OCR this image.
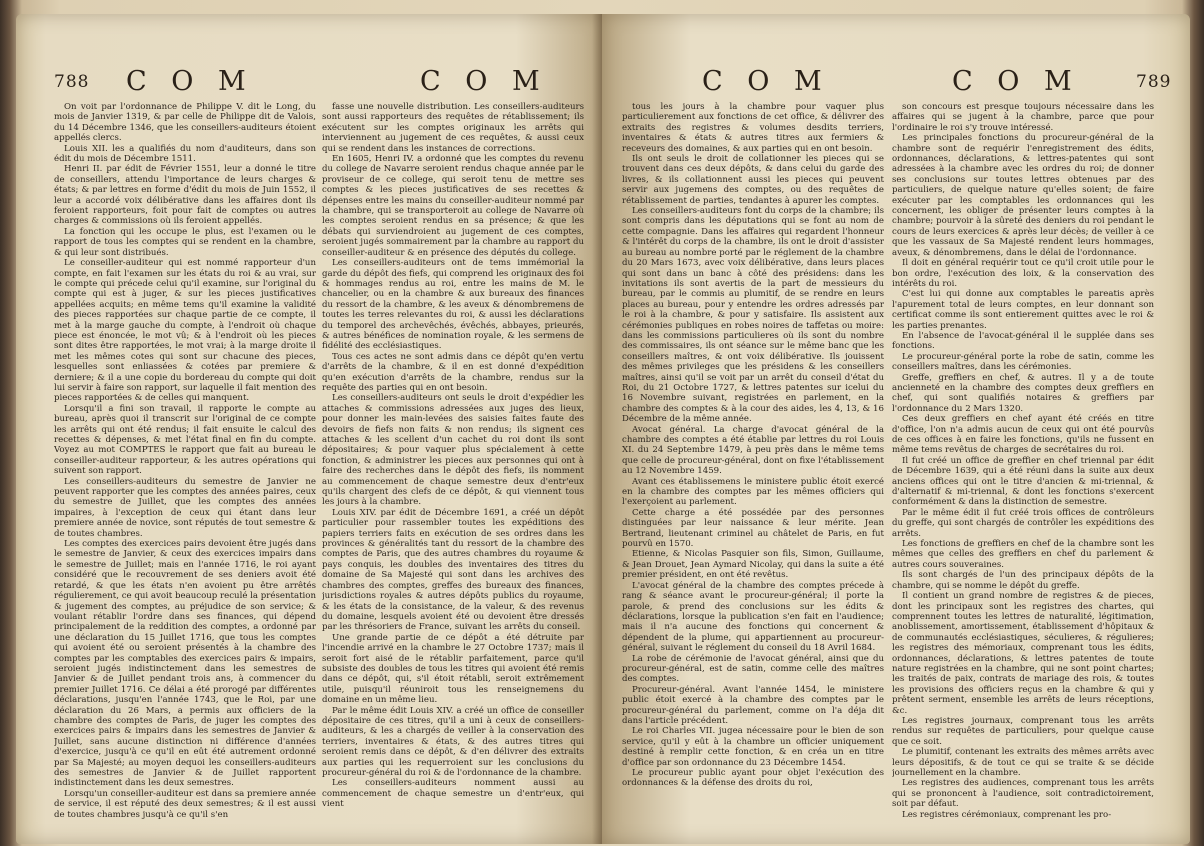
788 C O M	C O M

On voit par l'ordonnance de Philippe V. dit le Long, du mois de Janvier 1319, & par celle de Philippe dit de Valois, du 14 Décembre 1346, que les conseillers-auditeurs étoient appellés clercs.

Louis XII. les a qualifiés du nom d'auditeurs, dans son édit du mois de Décembre 1511.

Henri II. par édit de Février 1551, leur a donné le titre de conseillers, attendu l'importance de leurs charges & états; & par lettres en forme d'édit du mois de Juin 1552, il leur a accordé voix délibérative dans les affaires dont ils feroient rapporteurs, foit pour fait de comptes ou autres charges & commissions où ils feroient appellés.

La fonction qui les occupe le plus, est l'examen ou le rapport de tous les comptes qui se rendent en la chambre, & qui leur sont distribués.

Le conseiller-auditeur qui est nommé rapporteur d'un compte, en fait l'examen sur les états du roi & au vrai, sur le compte qui précede celui qu'il examine, sur l'original du compte qui est à juger, & sur les pieces justificatives appellées acquits; en même tems qu'il examine la validité des pieces rapportées sur chaque partie de ce compte, il met à la marge gauche du compte, à l'endroit où chaque piece est énoncée, le mot vû; & à l'endroit où les pieces sont dites être rapportées, le mot vrai; à la marge droite il met les mêmes cotes qui sont sur chacune des pieces, lesquelles sont enliassées & cotées par premiere & derniere; & il a une copie du bordereau du compte qui doit lui servir à faire son rapport, sur laquelle il fait mention des pieces rapportées & de celles qui manquent.

Lorsqu'il a fini son travail, il rapporte le compte au bureau, après quoi il transcrit sur l'original de ce compte les arrêts qui ont été rendus; il fait ensuite le calcul des recettes & dépenses, & met l'état final en fin du compte. Voyez au mot COMPTES le rapport que fait au bureau le conseiller-auditeur rapporteur, & les autres opérations qui suivent son rapport.

Les conseillers-auditeurs du semestre de Janvier ne peuvent rapporter que les comptes des années paires, ceux du semestre de Juillet, que les comptes des années impaires, à l'exception de ceux qui étant dans leur premiere année de novice, sont réputés de tout semestre & de toutes chambres.

Les comptes des exercices pairs devoient être jugés dans le semestre de Janvier, & ceux des exercices impairs dans le semestre de Juillet; mais en l'année 1716, le roi ayant considéré que le recouvrement de ses deniers avoit été retardé, & que les états n'en avoient pu être arrêtés régulierement, ce qui avoit beaucoup reculé la présentation & jugement des comptes, au préjudice de son service; & voulant rétablir l'ordre dans ses finances, qui dépend principalement de la reddition des comptes, a ordonné par une déclaration du 15 Juillet 1716, que tous les comptes qui avoient été ou seroient présentés à la chambre des comptes par les comptables des exercices pairs & impairs, seroient jugés indistinctement dans les semestres de Janvier & de Juillet pendant trois ans, à commencer du premier Juillet 1716. Ce délai a été prorogé par différentes déclarations, jusqu'en l'année 1743, que le Roi, par une déclaration du 26 Mars, a permis aux officiers de la chambre des comptes de Paris, de juger les comptes des exercices pairs & impairs dans les semestres de Janvier & Juillet, sans aucune distinction ni différence d'années d'exercice, jusqu'à ce qu'il en eût été autrement ordonné par Sa Majesté; au moyen dequoi les conseillers-auditeurs des semestres de Janvier & de Juillet rapportent indistinctement dans les deux semestres.

Lorsqu'un conseiller-auditeur est dans sa premiere année de service, il est réputé des deux semestres; & il est aussi de toutes chambres jusqu'à ce qu'il s'en

fasse une nouvelle distribution. Les conseillers-auditeurs sont aussi rapporteurs des requêtes de rétablissement; ils exécutent sur les comptes originaux les arrêts qui interviennent au jugement de ces requêtes, & aussi ceux qui se rendent dans les instances de corrections.

En 1605, Henri IV. a ordonné que les comptes du revenu du college de Navarre seroient rendus chaque année par le proviseur de ce college, qui seroit tenu de mettre ses comptes & les pieces justificatives de ses recettes & dépenses entre les mains du conseiller-auditeur nommé par la chambre, qui se transporteroit au college de Navarre où les comptes seroient rendus en sa présence; & que les débats qui surviendroient au jugement de ces comptes, seroient jugés sommairement par la chambre au rapport du conseiller-auditeur & en présence des députés du college.

Les conseillers-auditeurs ont de tems immémorial la garde du dépôt des fiefs, qui comprend les originaux des foi & hommages rendus au roi, entre les mains de M. le chancelier, ou en la chambre & aux bureaux des finances du ressort de la chambre, & les aveux & dénombremens de toutes les terres relevantes du roi, & aussi les déclarations du temporel des archevêchés, évêchés, abbayes, prieurés, & autres bénéfices de nomination royale, & les sermens de fidélité des ecclésiastiques.

Tous ces actes ne sont admis dans ce dépôt qu'en vertu d'arrêts de la chambre, & il en est donné d'expédition qu'en exécution d'arrêts de la chambre, rendus sur la requête des parties qui en ont besoin.

Les conseillers-auditeurs ont seuls le droit d'expédier les attaches & commissions adressées aux juges des lieux, pour donner les main-levées des saisies faites faute des devoirs de fiefs non faits & non rendus; ils signent ces attaches & les scellent d'un cachet du roi dont ils sont dépositaires; & pour vaquer plus spécialement à cette fonction, & administrer les pieces aux personnes qui ont à faire des recherches dans le dépôt des fiefs, ils nomment au commencement de chaque semestre deux d'entr'eux qu'ils chargent des clefs de ce dépôt, & qui viennent tous les jours à la chambre.

Louis XIV. par édit de Décembre 1691, a créé un dépôt particulier pour rassembler toutes les expéditions des papiers terriers faits en exécution de ses ordres dans les provinces & généralités tant du ressort de la chambre des comptes de Paris, que des autres chambres du royaume & pays conquis, les doubles des inventaires des titres du domaine de Sa Majesté qui sont dans les archives des chambres des comptes, greffes des bureaux des finances, jurisdictions royales & autres dépôts publics du royaume, & les états de la consistance, de la valeur, & des revenus du domaine, lesquels avoient été ou devoient être dressés par les thrésoriers de France, suivant les arrêts du conseil.

Une grande partie de ce dépôt a été détruite par l'incendie arrivé en la chambre le 27 Octobre 1737; mais il seroit fort aisé de le rétablir parfaitement, parce qu'il subsiste des doubles de tous les titres qui avoient été remis dans ce dépôt, qui, s'il étoit rétabli, seroit extrêmement utile, puisqu'il réuniroit tous les renseignemens du domaine en un même lieu.

Par le même édit Louis XIV. a créé un office de conseiller dépositaire de ces titres, qu'il a uni à ceux de conseillers-auditeurs, & les a chargés de veiller à la conservation des terriers, inventaires & états, & des autres titres qui seroient remis dans ce dépôt, & d'en délivrer des extraits aux parties qui les requerroient sur les conclusions du procureur-général du roi & de l'ordonnance de la chambre.

Les conseillers-auditeurs nomment aussi au commencement de chaque semestre un d'entr'eux, qui vient

C O M	C O M	789

tous les jours à la chambre pour vaquer plus particulierement aux fonctions de cet office, & délivrer des extraits des registres & volumes desdits terriers, inventaires & états & autres titres aux fermiers & receveurs des domaines, & aux parties qui en ont besoin.

Ils ont seuls le droit de collationner les pieces qui se trouvent dans ces deux dépôts, & dans celui du garde des livres, & ils collationnent aussi les pieces qui peuvent servir aux jugemens des comptes, ou des requêtes de rétablissement de parties, tendantes à apurer les comptes.

Les conseillers-auditeurs font du corps de la chambre; ils sont compris dans les députations qui se font au nom de cette compagnie. Dans les affaires qui regardent l'honneur & l'intérêt du corps de la chambre, ils ont le droit d'assister au bureau au nombre porté par le réglement de la chambre du 20 Mars 1673, avec voix délibérative, dans leurs places qui sont dans un banc à côté des présidens: dans les invitations ils sont avertis de la part de messieurs du bureau, par le commis au plumitif, de se rendre en leurs places au bureau, pour y entendre les ordres adressés par le roi à la chambre, & pour y satisfaire. Ils assistent aux cérémonies publiques en robes noires de taffetas ou moire: dans les commissions particulieres où ils sont du nombre des commissaires, ils ont séance sur le même banc que les conseillers maîtres, & ont voix délibérative. Ils jouissent des mêmes privileges que les présidens & les conseillers maîtres, ainsi qu'il se voit par un arrêt du conseil d'état du Roi, du 21 Octobre 1727, & lettres patentes sur icelui du 16 Novembre suivant, registrées en parlement, en la chambre des comptes & à la cour des aides, les 4, 13, & 16 Décembre de la même année.

Avocat général. La charge d'avocat général de la chambre des comptes a été établie par lettres du roi Louis XI. du 24 Septembre 1479, à peu près dans le même tems que celle de procureur-général, dont on fixe l'établissement au 12 Novembre 1459.

Avant ces établissemens le ministere public étoit exercé en la chambre des comptes par les mêmes officiers qui l'exerçoient au parlement.

Cette charge a été possédée par des personnes distinguées par leur naissance & leur mérite. Jean Bertrand, lieutenant criminel au châtelet de Paris, en fut pourvû en 1570.

Etienne, & Nicolas Pasquier son fils, Simon, Guillaume, & Jean Drouet, Jean Aymard Nicolay, qui dans la suite a été premier président, en ont été revêtus.

L'avocat général de la chambre des comptes précede à rang & séance avant le procureur-général; il porte la parole, & prend des conclusions sur les édits & déclarations, lorsque la publication s'en fait en l'audience; mais il n'a aucune des fonctions qui concernent & dépendent de la plume, qui appartiennent au procureur-général, suivant le réglement du conseil du 18 Avril 1684.

La robe de cérémonie de l'avocat général, ainsi que du procureur-général, est de satin, comme celle des maîtres des comptes.

Procureur-général. Avant l'année 1454, le ministere public étoit exercé à la chambre des comptes par le procureur-général du parlement, comme on l'a déja dit dans l'article précédent.

Le roi Charles VII. jugea nécessaire pour le bien de son service, qu'il y eût à la chambre un officier uniquement destiné à remplir cette fonction, & en créa un en titre d'office par son ordonnance du 23 Décembre 1454.

Le procureur public ayant pour objet l'exécution des ordonnances & la défense des droits du roi,

son concours est presque toujours nécessaire dans les affaires qui se jugent à la chambre, parce que pour l'ordinaire le roi s'y trouve intéressé.

Les principales fonctions du procureur-général de la chambre sont de requérir l'enregistrement des édits, ordonnances, déclarations, & lettres-patentes qui sont adressées à la chambre avec les ordres du roi; de donner ses conclusions sur toutes lettres obtenues par des particuliers, de quelque nature qu'elles soient; de faire exécuter par les comptables les ordonnances qui les concernent, les obliger de présenter leurs comptes à la chambre; pourvoir à la sûreté des deniers du roi pendant le cours de leurs exercices & après leur décès; de veiller à ce que les vassaux de Sa Majesté rendent leurs hommages, aveux, & dénombremens, dans le délai de l'ordonnance.

Il doit en général requérir tout ce qu'il croit utile pour le bon ordre, l'exécution des loix, & la conservation des intérêts du roi.

C'est lui qui donne aux comptables le pareatis après l'apurement total de leurs comptes, en leur donnant son certificat comme ils sont entierement quittes avec le roi & les parties prenantes.

En l'absence de l'avocat-général il le supplée dans ses fonctions.

Le procureur-général porte la robe de satin, comme les conseillers maîtres, dans les cérémonies.

Greffe, greffiers en chef, & autres. Il y a de toute ancienneté en la chambre des comptes deux greffiers en chef, qui sont qualifiés notaires & greffiers par l'ordonnance du 2 Mars 1320.

Ces deux greffiers en chef ayant été créés en titre d'office, l'on n'a admis aucun de ceux qui ont été pourvûs de ces offices à en faire les fonctions, qu'ils ne fussent en même tems revêtus de charges de secrétaires du roi.

Il fut créé un office de greffier en chef triennal par édit de Décembre 1639, qui a été réuni dans la suite aux deux anciens offices qui ont le titre d'ancien & mi-triennal, & d'alternatif & mi-triennal, & dont les fonctions s'exercent conformément & dans la distinction de semestre.

Par le même édit il fut créé trois offices de contrôleurs du greffe, qui sont chargés de contrôler les expéditions des arrêts.

Les fonctions de greffiers en chef de la chambre sont les mêmes que celles des greffiers en chef du parlement & autres cours souveraines.

Ils sont chargés de l'un des principaux dépôts de la chambre, qui se nomme le dépôt du greffe.

Il contient un grand nombre de registres & de pieces, dont les principaux sont les registres des chartes, qui comprennent toutes les lettres de naturalité, légitimation, anoblissement, amortissement, établissement d'hôpitaux & de communautés ecclésiastiques, séculieres, & régulieres; les registres des mémoriaux, comprenant tous les édits, ordonnances, déclarations, & lettres patentes de toute nature registrées en la chambre, qui ne sont point chartes; les traités de paix, contrats de mariage des rois, & toutes les provisions des officiers reçus en la chambre & qui y prêtent serment, ensemble les arrêts de leurs réceptions, &c.

Les registres journaux, comprenant tous les arrêts rendus sur requêtes de particuliers, pour quelque cause que ce soit.

Le plumitif, contenant les extraits des mêmes arrêts avec leurs dépositifs, & de tout ce qui se traite & se décide journellement en la chambre.

Les registres des audiences, comprenant tous les arrêts qui se prononcent à l'audience, soit contradictoirement, soit par défaut.

Les registres cérémoniaux, comprenant les pro-
